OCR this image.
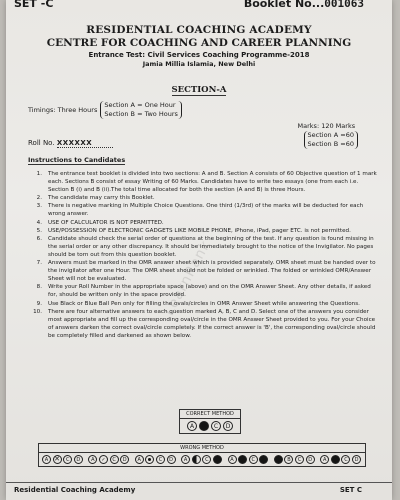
SET -C	Booklet No...001063

RESIDENTIAL COACHING ACADEMY

CENTRE FOR COACHING AND CAREER PLANNING

Entrance Test: Civil Services Coaching Programme-2018

Jamia Millia Islamia, New Delhi

SECTION-A
Timings: Three Hours
Section A = One Hour
Section B = Two Hours
Marks: 120 Marks
Section A =60
Section B =60
Roll No. XXXXXX
Instructions to Candidates
1.	The entrance test booklet is divided into two sections: A and B. Section A consists of 60 Objective question of 1 mark each. Sections B consist of essay Writing of 60 Marks. Candidates have to write two essays (one from each i.e. Section B (i) and B (ii).The total time allocated for both the section (A and B) is three Hours.
2.	The candidate may carry this Booklet.
3.	There is negative marking in Multiple Choice Questions. One third (1/3rd) of the marks will be deducted for each wrong answer.
4.	USE OF CALCULATOR IS NOT PERMITTED.
5.	USE/POSSESSION OF ELECTRONIC GADGETS LIKE MOBILE PHONE, iPhone, iPad, pager ETC. is not permitted.
6.	Candidate should check the serial order of questions at the beginning of the test. If any question is found missing in the serial order or any other discrepancy. It should be immediately brought to the notice of the Invigilator. No pages should be torn out from this question booklet.
7.	Answers must be marked in the OMR answer sheet which is provided separately. OMR sheet must be handed over to the invigilator after one Hour. The OMR sheet should not be folded or wrinkled. The folded or wrinkled OMR/Answer Sheet will not be evaluated.
8.	Write your Roll Number in the appropriate space (above) and on the OMR Answer Sheet. Any other details, if asked for, should be written only in the space provided.
9.	Use Black or Blue Ball Pen only for filling the ovals/circles in OMR Answer Sheet while answering the Questions.
10.	There are four alternative answers to each question marked A, B, C and D. Select one of the answers you consider most appropriate and fill up the corresponding oval/circle in the OMR Answer Sheet provided to you. For your Choice of answers darken the correct oval/circle completely. If the correct answer is 'B', the corresponding oval/circle should be completely filled and darkened as shown below.
LearnRank
CORRECT METHOD
A	B	C	D
WRONG METHOD
A ✕	C	D	A	✓	C	D	A	C	D	A	C	A	C	B	C	D	A	C	D
Residential Coaching Academy	SET C
